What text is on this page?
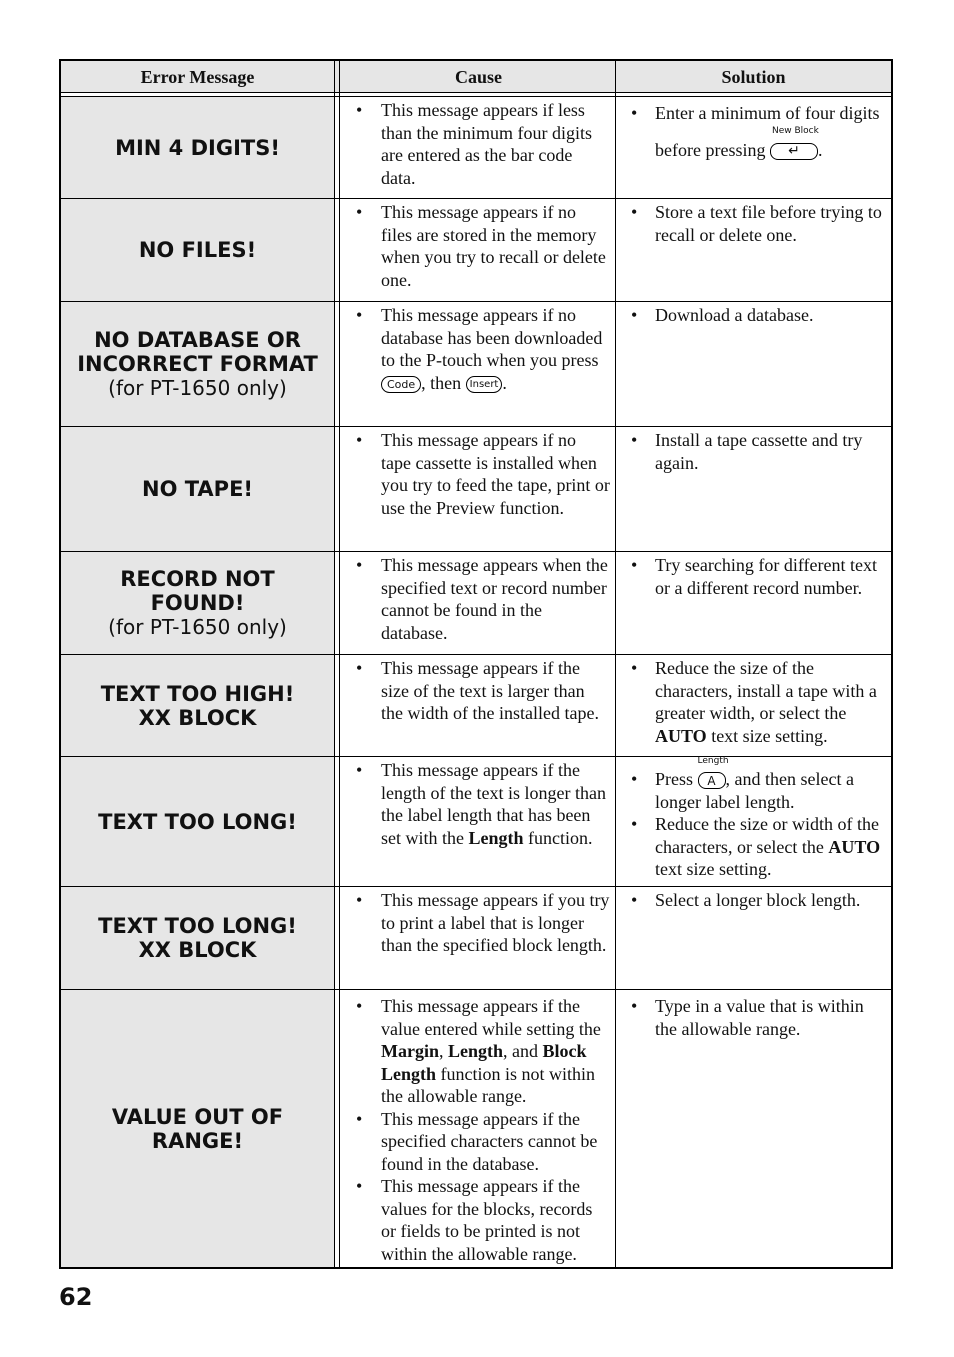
Error Message	Cause	Solution
MIN 4 DIGITS!
• This message appears if less than the minimum four digits are entered as the bar code data.
• Enter a minimum of four digits before pressing
New Block
↵ .
NO FILES!
• This message appears if no files are stored in the memory when you try to recall or delete one.
• Store a text file before trying to recall or delete one.
NO DATABASE OR
INCORRECT FORMAT
(for PT-1650 only)
• This message appears if no database has been downloaded to the P-touch when you press Code , then Insert .
• Download a database.
NO TAPE!
• This message appears if no tape cassette is installed when you try to feed the tape, print or use the Preview function.
• Install a tape cassette and try again.
RECORD NOT
FOUND!
(for PT-1650 only)
• This message appears when the specified text or record number cannot be found in the database.
• Try searching for different text or a different record number.
TEXT TOO HIGH!
XX BLOCK
• This message appears if the size of the text is larger than the width of the installed tape.
• Reduce the size of the characters, install a tape with a greater width, or select the AUTO text size setting.
TEXT TOO LONG!
• This message appears if the length of the text is longer than the label length that has been set with the Length function.
• Press
Length
A , and then select a longer label length.
• Reduce the size or width of the characters, or select the AUTO text size setting.
TEXT TOO LONG!
XX BLOCK
• This message appears if you try to print a label that is longer than the specified block length.
• Select a longer block length.
VALUE OUT OF
RANGE!
• This message appears if the value entered while setting the Margin, Length, and Block Length function is not within the allowable range.
• This message appears if the specified characters cannot be found in the database.
• This message appears if the values for the blocks, records or fields to be printed is not within the allowable range.
• Type in a value that is within the allowable range.
62
